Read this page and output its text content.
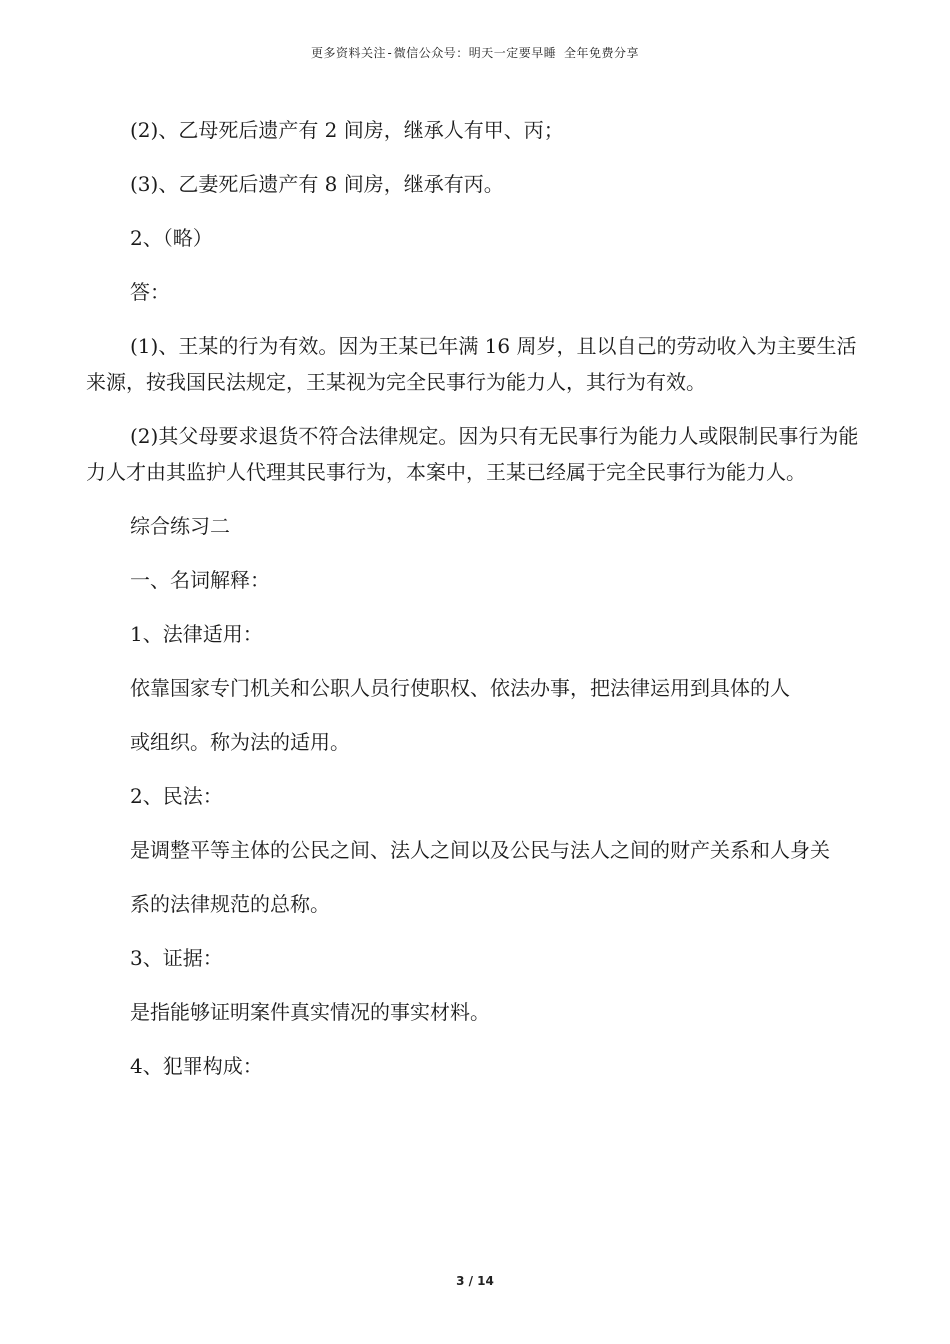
更多资料关注-微信公众号：明天一定要早睡 全年免费分享

(2)、乙母死后遗产有 2 间房，继承人有甲、丙；

(3)、乙妻死后遗产有 8 间房，继承有丙。

2、（略）

答：

(1)、王某的行为有效。因为王某已年满 16 周岁，且以自己的劳动收入为主要生活来源，按我国民法规定，王某视为完全民事行为能力人，其行为有效。

(2)其父母要求退货不符合法律规定。因为只有无民事行为能力人或限制民事行为能力人才由其监护人代理其民事行为，本案中，王某已经属于完全民事行为能力人。

综合练习二

一、名词解释：

1、法律适用：

依靠国家专门机关和公职人员行使职权、依法办事，把法律运用到具体的人

或组织。称为法的适用。

2、民法：

是调整平等主体的公民之间、法人之间以及公民与法人之间的财产关系和人身关

系的法律规范的总称。

3、证据：

是指能够证明案件真实情况的事实材料。

4、犯罪构成：

3 / 14
